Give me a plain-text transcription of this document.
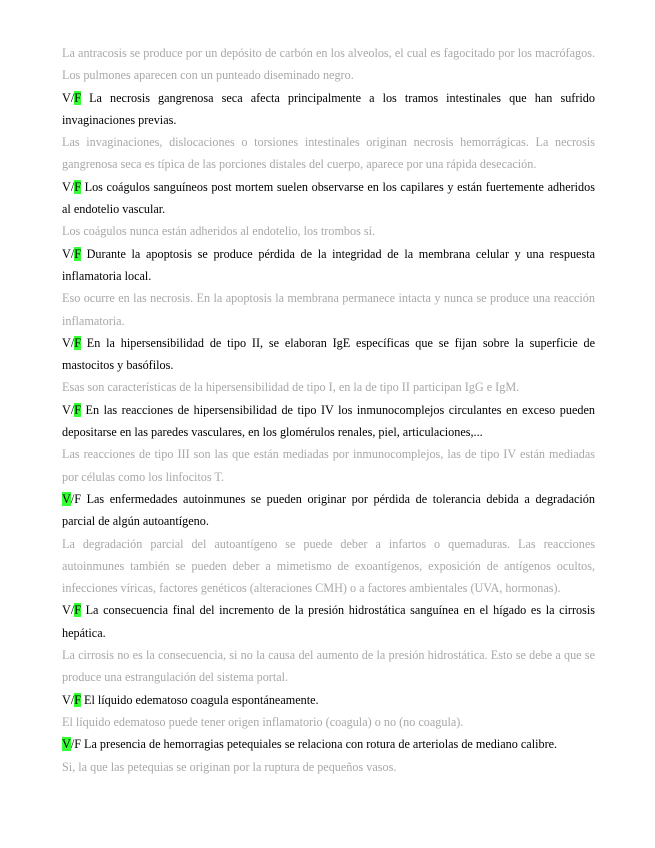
La antracosis se produce por un depósito de carbón en los alveolos, el cual es fagocitado por los macrófagos. Los pulmones aparecen con un punteado diseminado negro.

V/F La necrosis gangrenosa seca afecta principalmente a los tramos intestinales que han sufrido invaginaciones previas.

Las invaginaciones, dislocaciones o torsiones intestinales originan necrosis hemorrágicas. La necrosis gangrenosa seca es típica de las porciones distales del cuerpo, aparece por una rápida desecación.

V/F Los coágulos sanguíneos post mortem suelen observarse en los capilares y están fuertemente adheridos al endotelio vascular.

Los coágulos nunca están adheridos al endotelio, los trombos sí.

V/F Durante la apoptosis se produce pérdida de la integridad de la membrana celular y una respuesta inflamatoria local.

Eso ocurre en las necrosis. En la apoptosis la membrana permanece intacta y nunca se produce una reacción inflamatoria.

V/F En la hipersensibilidad de tipo II, se elaboran IgE específicas que se fijan sobre la superficie de mastocitos y basófilos.

Esas son características de la hipersensibilidad de tipo I, en la de tipo II participan IgG e IgM.

V/F En las reacciones de hipersensibilidad de tipo IV los inmunocomplejos circulantes en exceso pueden depositarse en las paredes vasculares, en los glomérulos renales, piel, articulaciones,...

Las reacciones de tipo III son las que están mediadas por inmunocomplejos, las de tipo IV están mediadas por células como los linfocitos T.

V/F Las enfermedades autoinmunes se pueden originar por pérdida de tolerancia debida a degradación parcial de algún autoantígeno.

La degradación parcial del autoantígeno se puede deber a infartos o quemaduras. Las reacciones autoinmunes también se pueden deber a mimetismo de exoantígenos, exposición de antígenos ocultos, infecciones víricas, factores genéticos (alteraciones CMH) o a factores ambientales (UVA, hormonas).

V/F La consecuencia final del incremento de la presión hidrostática sanguínea en el hígado es la cirrosis hepática.

La cirrosis no es la consecuencia, si no la causa del aumento de la presión hidrostática. Esto se debe a que se produce una estrangulación del sistema portal.

V/F El líquido edematoso coagula espontáneamente.

El líquido edematoso puede tener origen inflamatorio (coagula) o no (no coagula).

V/F La presencia de hemorragias petequiales se relaciona con rotura de arteriolas de mediano calibre.

Si, la que las petequias se originan por la ruptura de pequeños vasos.
